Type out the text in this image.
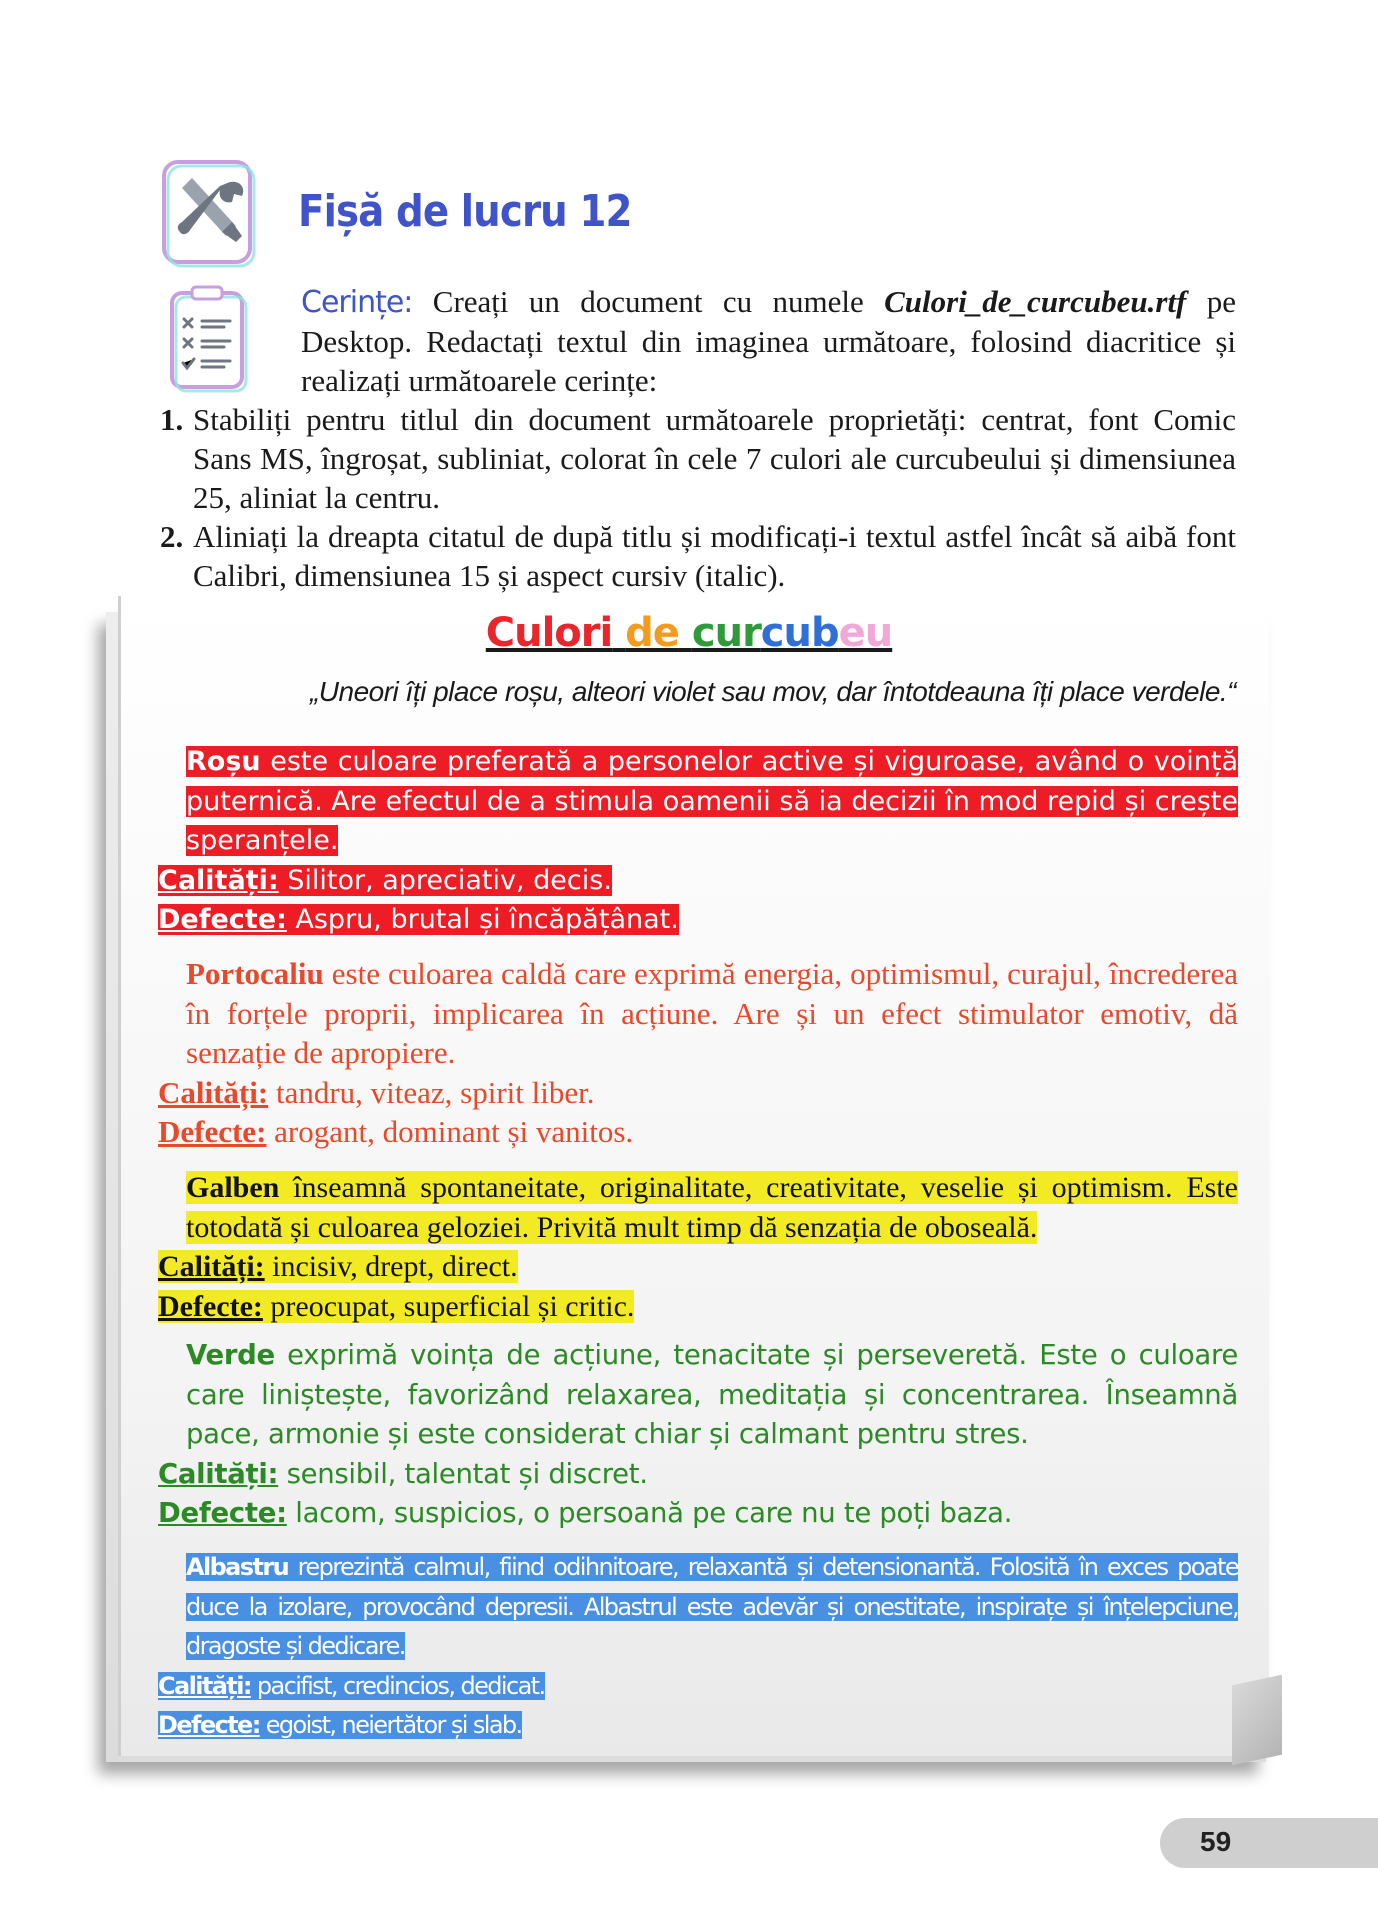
Fișă de lucru 12

Cerințe: Creați un document cu numele Culori_de_curcubeu.rtf pe Desktop. Redactați textul din imaginea următoare, folosind diacritice și realizați următoarele cerințe:

1. Stabiliți pentru titlul din document următoarele proprietăți: centrat, font Comic Sans MS, îngroșat, subliniat, colorat în cele 7 culori ale curcubeului și dimensiunea 25, aliniat la centru.
2. Aliniați la dreapta citatul de după titlu și modificați-i textul astfel încât să aibă font Calibri, dimensiunea 15 și aspect cursiv (italic).
Culori de curcubeu

„Uneori îți place roșu, alteori violet sau mov, dar întotdeauna îți place verdele.“

Roșu este culoare preferată a personelor active și viguroase, având o voință puternică. Are efectul de a stimula oamenii să ia decizii în mod repid și crește speranțele.

Calități: Silitor, apreciativ, decis.

Defecte: Aspru, brutal și încăpățânat.

Portocaliu este culoarea caldă care exprimă energia, optimismul, curajul, încrederea în forțele proprii, implicarea în acțiune. Are și un efect stimulator emotiv, dă senzație de apropiere.

Calități: tandru, viteaz, spirit liber.

Defecte: arogant, dominant și vanitos.

Galben înseamnă spontaneitate, originalitate, creativitate, veselie și optimism. Este totodată și culoarea geloziei. Privită mult timp dă senzația de oboseală.

Calități: incisiv, drept, direct.

Defecte: preocupat, superficial și critic.

Verde exprimă voința de acțiune, tenacitate și perseveretă. Este o culoare care liniștește, favorizând relaxarea, meditația și concentrarea. Înseamnă pace, armonie și este considerat chiar și calmant pentru stres.

Calități: sensibil, talentat și discret.

Defecte: lacom, suspicios, o persoană pe care nu te poți baza.

Albastru reprezintă calmul, fiind odihnitoare, relaxantă și detensionantă. Folosită în exces poate duce la izolare, provocând depresii. Albastrul este adevăr și onestitate, inspirațe și înțelepciune, dragoste și dedicare.

Calități: pacifist, credincios, dedicat.

Defecte: egoist, neiertător și slab.

59
